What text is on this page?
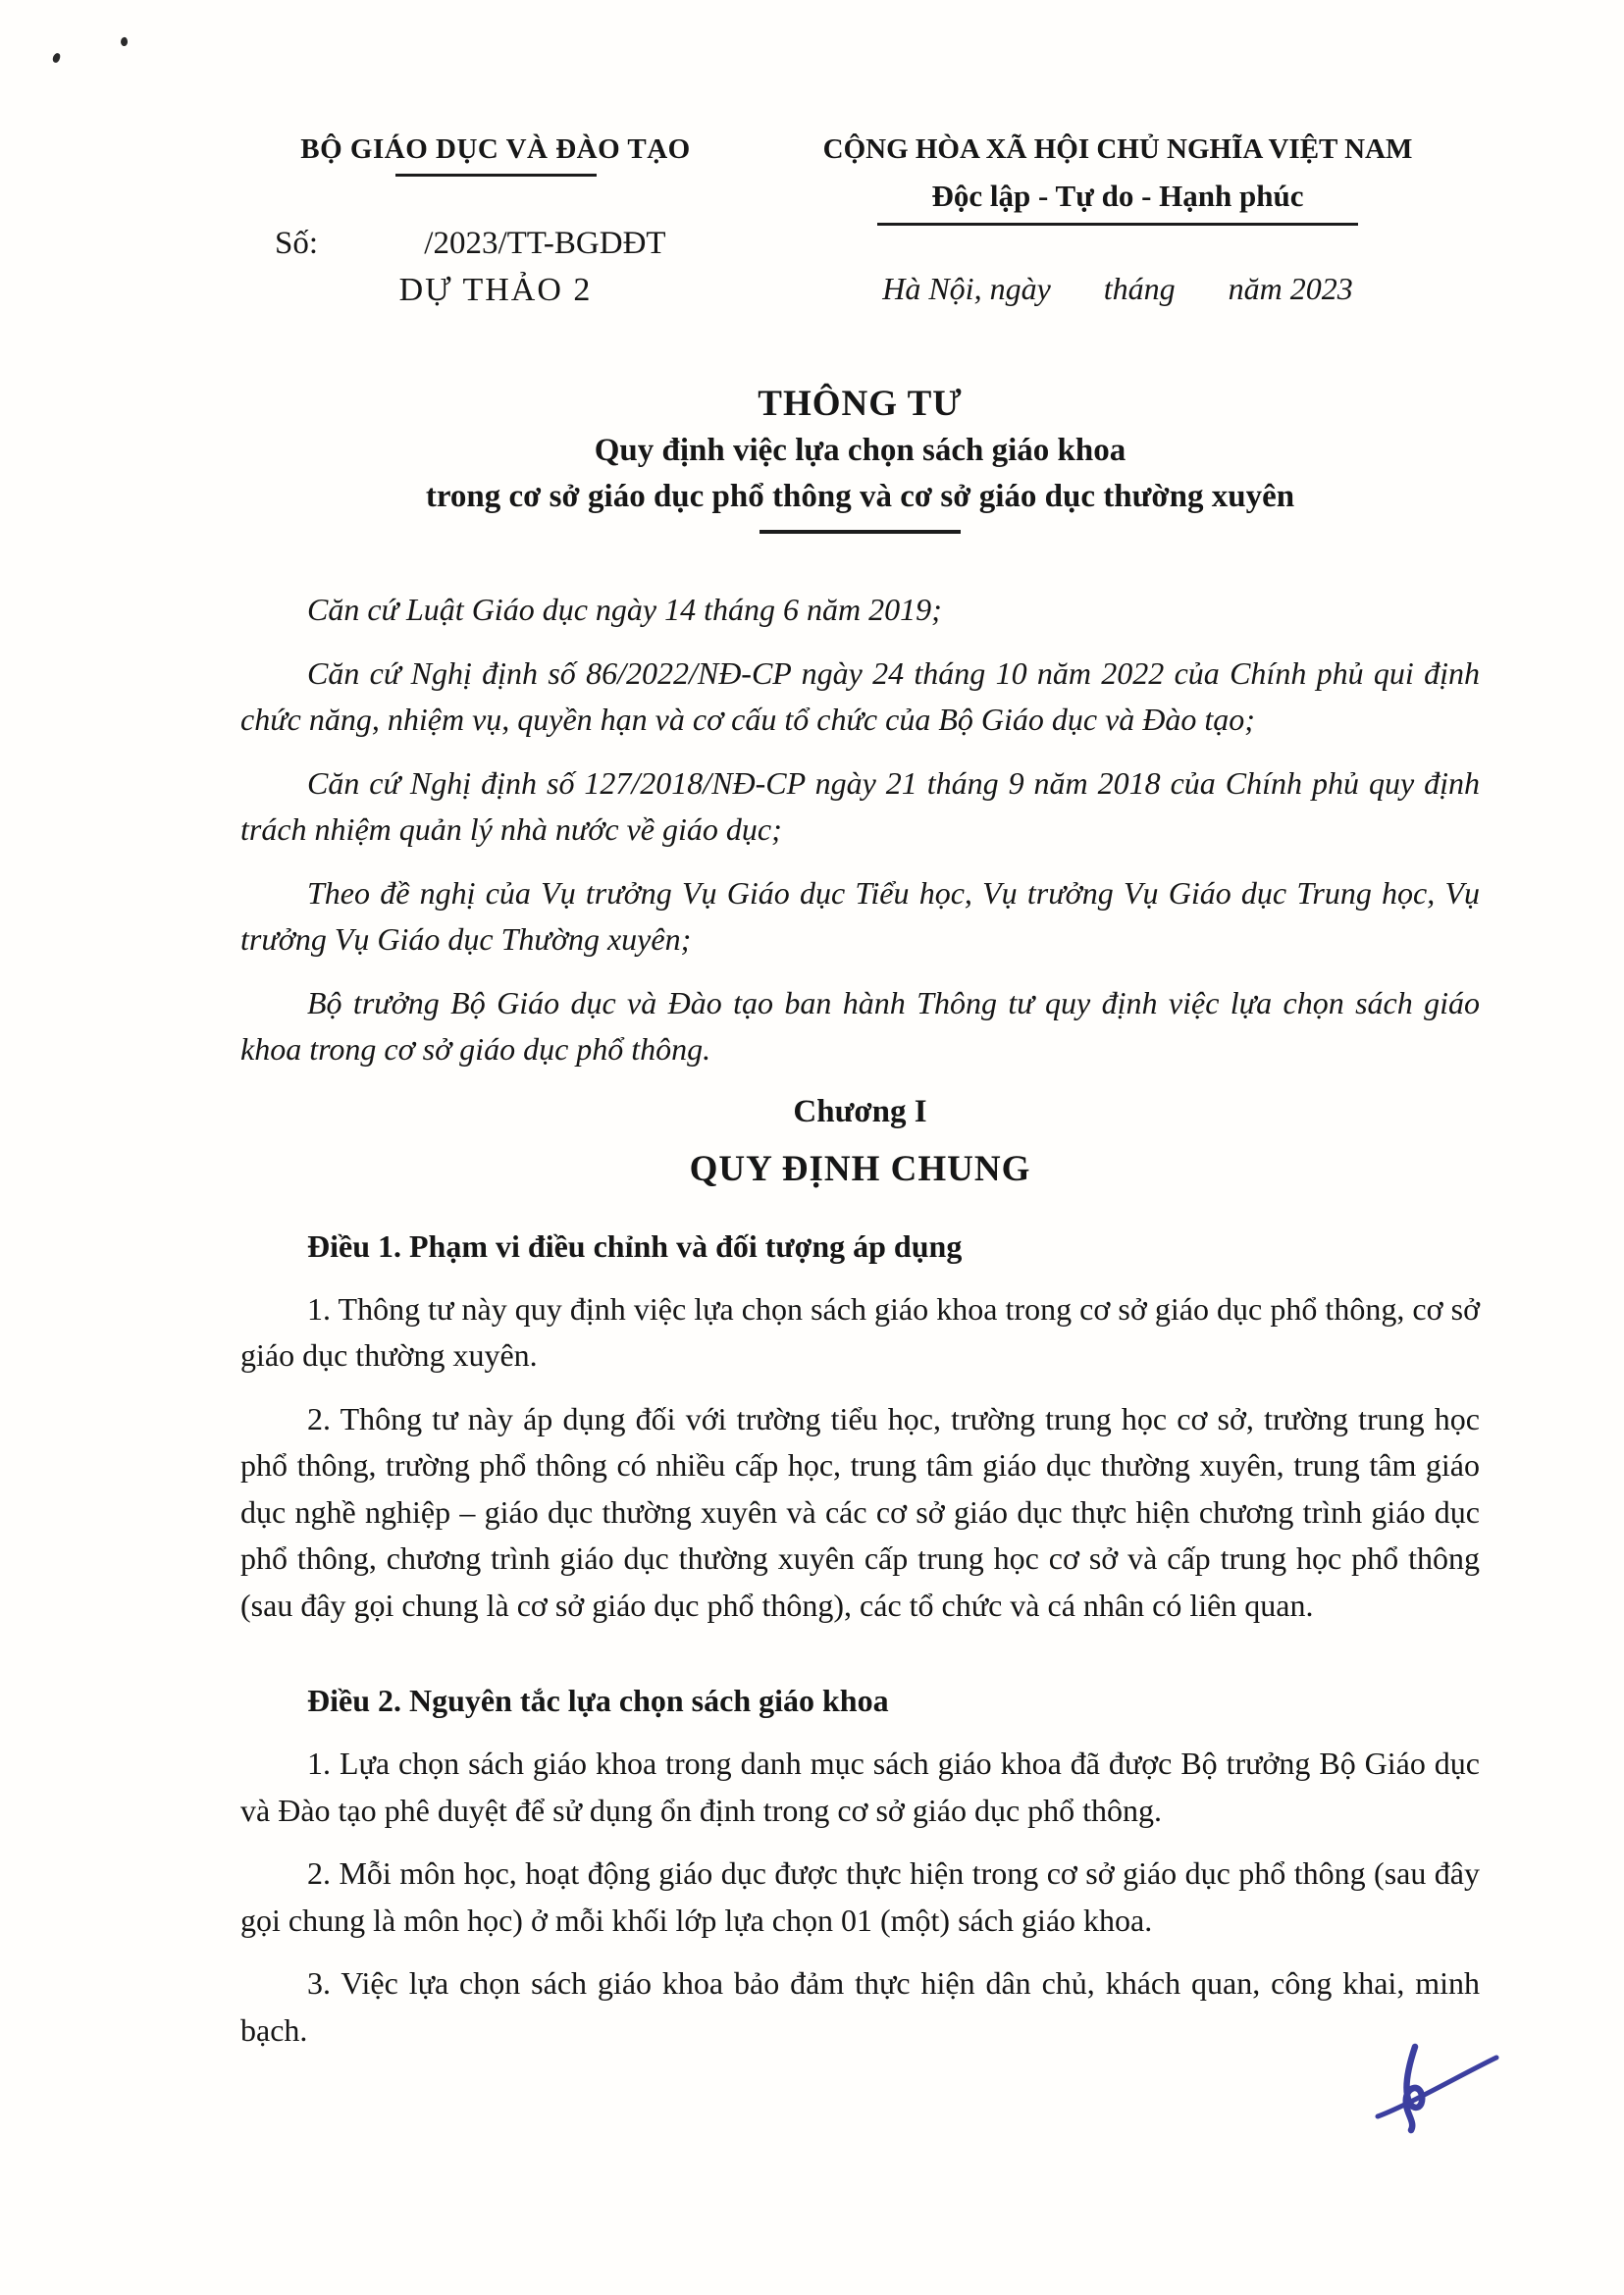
BỘ GIÁO DỤC VÀ ĐÀO TẠO
Số:	/2023/TT-BGDĐT
DỰ THẢO 2
CỘNG HÒA XÃ HỘI CHỦ NGHĨA VIỆT NAM
Độc lập - Tự do - Hạnh phúc
Hà Nội, ngày tháng năm 2023
THÔNG TƯ
Quy định việc lựa chọn sách giáo khoa
trong cơ sở giáo dục phổ thông và cơ sở giáo dục thường xuyên

Căn cứ Luật Giáo dục ngày 14 tháng 6 năm 2019;

Căn cứ Nghị định số 86/2022/NĐ-CP ngày 24 tháng 10 năm 2022 của Chính phủ qui định chức năng, nhiệm vụ, quyền hạn và cơ cấu tổ chức của Bộ Giáo dục và Đào tạo;

Căn cứ Nghị định số 127/2018/NĐ-CP ngày 21 tháng 9 năm 2018 của Chính phủ quy định trách nhiệm quản lý nhà nước về giáo dục;

Theo đề nghị của Vụ trưởng Vụ Giáo dục Tiểu học, Vụ trưởng Vụ Giáo dục Trung học, Vụ trưởng Vụ Giáo dục Thường xuyên;

Bộ trưởng Bộ Giáo dục và Đào tạo ban hành Thông tư quy định việc lựa chọn sách giáo khoa trong cơ sở giáo dục phổ thông.

Chương I
QUY ĐỊNH CHUNG
Điều 1. Phạm vi điều chỉnh và đối tượng áp dụng

1. Thông tư này quy định việc lựa chọn sách giáo khoa trong cơ sở giáo dục phổ thông, cơ sở giáo dục thường xuyên.

2. Thông tư này áp dụng đối với trường tiểu học, trường trung học cơ sở, trường trung học phổ thông, trường phổ thông có nhiều cấp học, trung tâm giáo dục thường xuyên, trung tâm giáo dục nghề nghiệp – giáo dục thường xuyên và các cơ sở giáo dục thực hiện chương trình giáo dục phổ thông, chương trình giáo dục thường xuyên cấp trung học cơ sở và cấp trung học phổ thông (sau đây gọi chung là cơ sở giáo dục phổ thông), các tổ chức và cá nhân có liên quan.

Điều 2. Nguyên tắc lựa chọn sách giáo khoa

1. Lựa chọn sách giáo khoa trong danh mục sách giáo khoa đã được Bộ trưởng Bộ Giáo dục và Đào tạo phê duyệt để sử dụng ổn định trong cơ sở giáo dục phổ thông.

2. Mỗi môn học, hoạt động giáo dục được thực hiện trong cơ sở giáo dục phổ thông (sau đây gọi chung là môn học) ở mỗi khối lớp lựa chọn 01 (một) sách giáo khoa.

3. Việc lựa chọn sách giáo khoa bảo đảm thực hiện dân chủ, khách quan, công khai, minh bạch.
